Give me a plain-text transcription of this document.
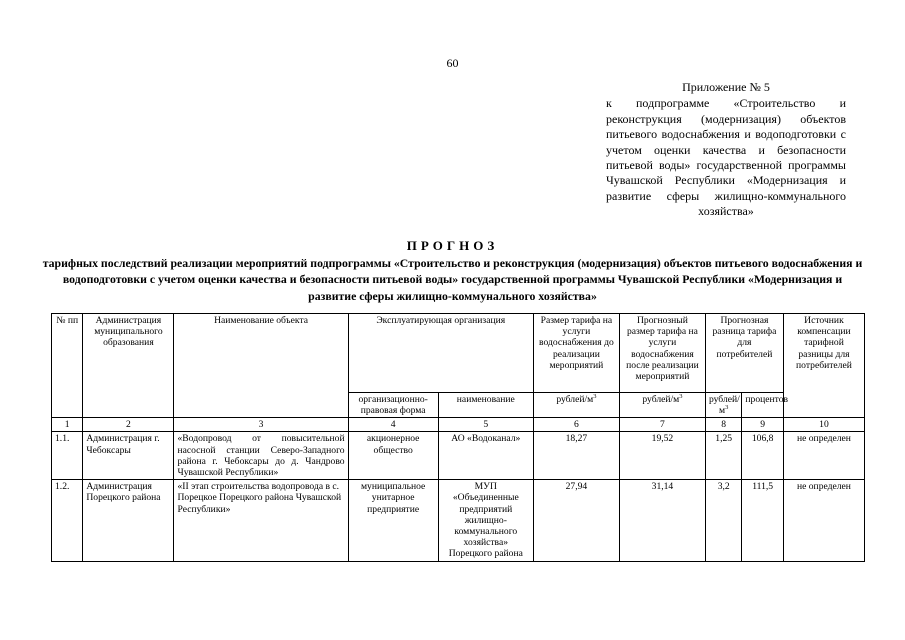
60
Приложение № 5
к подпрограмме «Строительство и реконструкция (модернизация) объектов питьевого водоснабжения и водоподготовки с учетом оценки качества и безопасности питьевой воды» государственной программы Чувашской Республики «Модернизация и развитие сферы жилищно-коммунального хозяйства»
ПРОГНОЗ
тарифных последствий реализации мероприятий подпрограммы «Строительство и реконструкция (модернизация) объектов питьевого водоснабжения и водоподготовки с учетом оценки качества и безопасности питьевой воды» государственной программы Чувашской Республики «Модернизация и развитие сферы жилищно-коммунального хозяйства»
№ пп	Администрация муниципального образования	Наименование объекта	Эксплуатирующая организация		Размер тарифа на услуги водоснабжения до реализации мероприятий	Прогнозный размер тарифа на услуги водоснабжения после реализации мероприятий	Прогнозная разница тарифа для потребителей		Источник компенсации тарифной разницы для потребителей
			организационно-правовая форма	наименование	рублей/$м^3$	рублей/$м^3$	рублей/$м^3$	процентов	
1	2	3	4	5	6	7	8	9	10
1.1.	Администрация г. Чебоксары	«Водопровод от повысительной насосной станции Северо-Западного района г. Чебоксары до д. Чандрово Чувашской Республики»	акционерное общество	АО «Водоканал»	18,27	19,52	1,25	106,8	не определен
1.2.	Администрация Порецкого района	«II этап строительства водопровода в с. Порецкое Порецкого района Чувашской Республики»	муниципальное унитарное предприятие	МУП «Объединенные предприятий жилищно-коммунального хозяйства» Порецкого района	27,94	31,14	3,2	111,5	не определен
